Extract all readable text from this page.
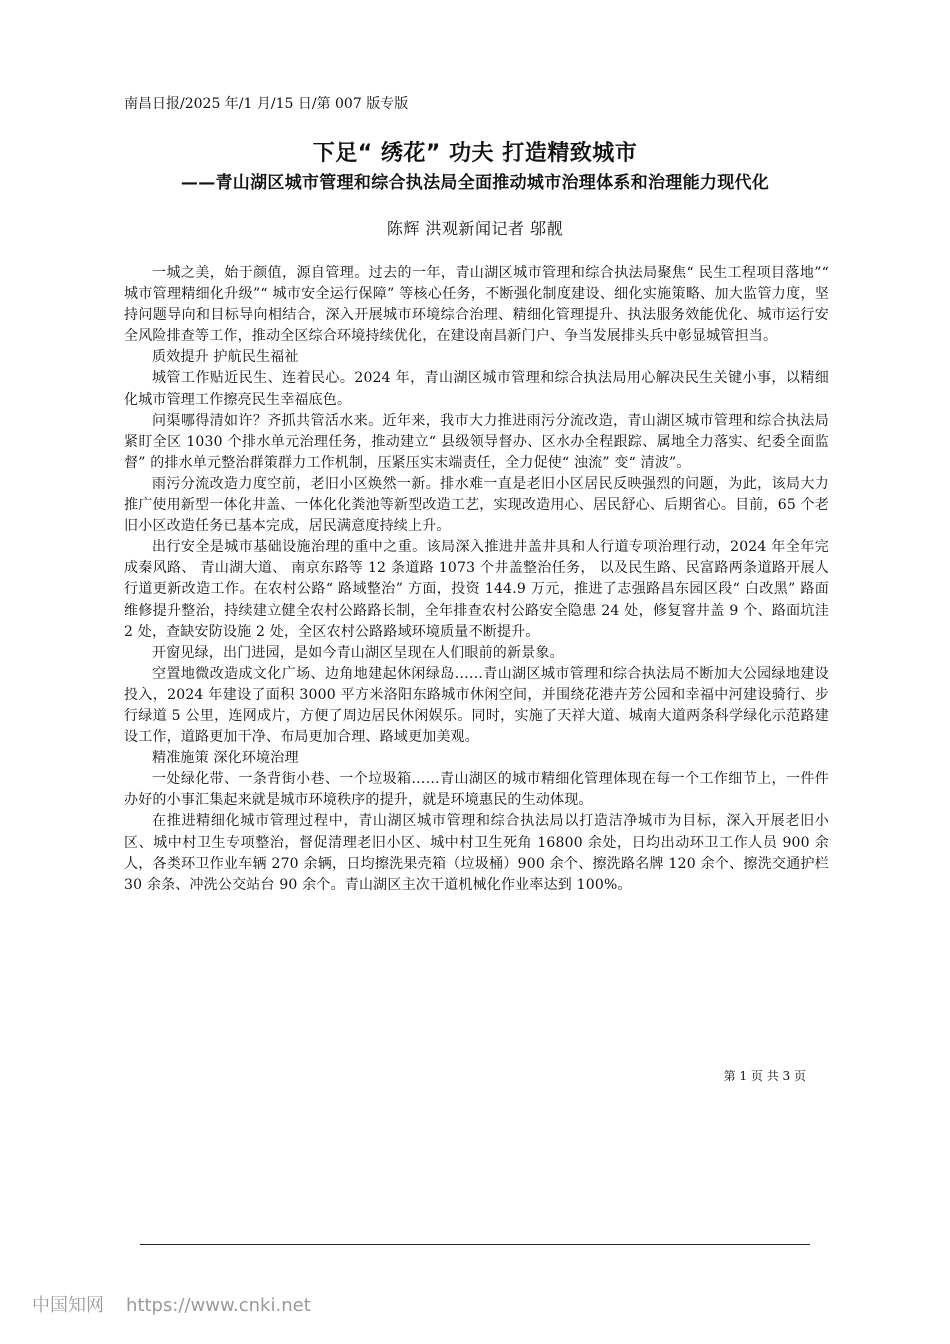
南昌日报/2025 年/1 月/15 日/第 007 版专版
下足“ 绣花” 功夫 打造精致城市
——青山湖区城市管理和综合执法局全面推动城市治理体系和治理能力现代化
陈辉 洪观新闻记者 邬靓

一城之美，始于颜值，源自管理。过去的一年，青山湖区城市管理和综合执法局聚焦“ 民生工程项目落地”“ 城市管理精细化升级”“ 城市安全运行保障” 等核心任务，不断强化制度建设、细化实施策略、加大监管力度，坚持问题导向和目标导向相结合，深入开展城市环境综合治理、精细化管理提升、执法服务效能优化、城市运行安全风险排查等工作，推动全区综合环境持续优化，在建设南昌新门户、争当发展排头兵中彰显城管担当。

质效提升 护航民生福祉

城管工作贴近民生、连着民心。2024 年，青山湖区城市管理和综合执法局用心解决民生关键小事，以精细化城市管理工作擦亮民生幸福底色。

问渠哪得清如许？齐抓共管活水来。近年来，我市大力推进雨污分流改造，青山湖区城市管理和综合执法局紧盯全区 1030 个排水单元治理任务，推动建立“ 县级领导督办、区水办全程跟踪、属地全力落实、纪委全面监督” 的排水单元整治群策群力工作机制，压紧压实末端责任，全力促使“ 浊流” 变“ 清波”。

雨污分流改造力度空前，老旧小区焕然一新。排水难一直是老旧小区居民反映强烈的问题，为此，该局大力推广使用新型一体化井盖、一体化化粪池等新型改造工艺，实现改造用心、居民舒心、后期省心。目前，65 个老旧小区改造任务已基本完成，居民满意度持续上升。

出行安全是城市基础设施治理的重中之重。该局深入推进井盖井具和人行道专项治理行动，2024 年全年完成秦风路、 青山湖大道、 南京东路等 12 条道路 1073 个井盖整治任务， 以及民生路、民富路两条道路开展人行道更新改造工作。在农村公路“ 路域整治” 方面，投资 144.9 万元，推进了志强路昌东园区段“ 白改黑” 路面维修提升整治，持续建立健全农村公路路长制，全年排查农村公路安全隐患 24 处，修复窨井盖 9 个、路面坑洼 2 处，查缺安防设施 2 处，全区农村公路路域环境质量不断提升。

开窗见绿，出门进园，是如今青山湖区呈现在人们眼前的新景象。

空置地微改造成文化广场、边角地建起休闲绿岛……青山湖区城市管理和综合执法局不断加大公园绿地建设投入，2024 年建设了面积 3000 平方米洛阳东路城市休闲空间，并围绕花港卉芳公园和幸福中河建设骑行、步行绿道 5 公里，连网成片，方便了周边居民休闲娱乐。同时，实施了天祥大道、城南大道两条科学绿化示范路建设工作，道路更加干净、布局更加合理、路域更加美观。

精准施策 深化环境治理

一处绿化带、一条背街小巷、一个垃圾箱……青山湖区的城市精细化管理体现在每一个工作细节上，一件件办好的小事汇集起来就是城市环境秩序的提升，就是环境惠民的生动体现。

在推进精细化城市管理过程中，青山湖区城市管理和综合执法局以打造洁净城市为目标，深入开展老旧小区、城中村卫生专项整治，督促清理老旧小区、城中村卫生死角 16800 余处，日均出动环卫工作人员 900 余人，各类环卫作业车辆 270 余辆，日均擦洗果壳箱（垃圾桶）900 余个、擦洗路名牌 120 余个、擦洗交通护栏 30 余条、冲洗公交站台 90 余个。青山湖区主次干道机械化作业率达到 100%。

第 1 页 共 3 页
中国知网 https://www.cnki.net
